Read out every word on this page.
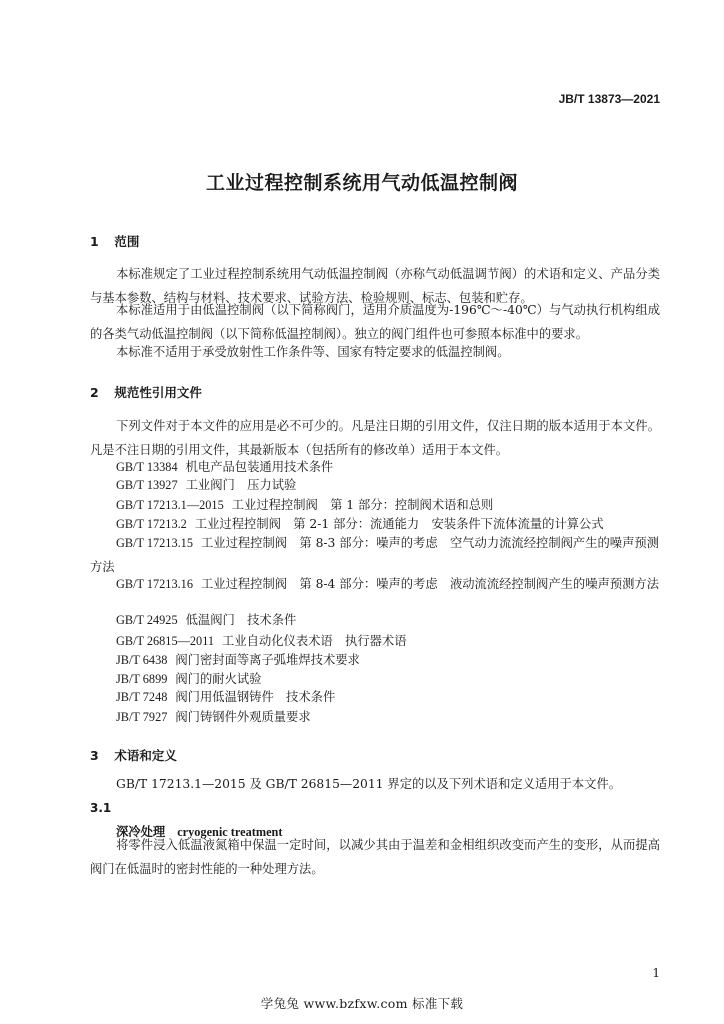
JB/T 13873—2021
工业过程控制系统用气动低温控制阀
1 范围
本标准规定了工业过程控制系统用气动低温控制阀（亦称气动低温调节阀）的术语和定义、产品分类与基本参数、结构与材料、技术要求、试验方法、检验规则、标志、包装和贮存。
本标准适用于由低温控制阀（以下简称阀门，适用介质温度为-196℃～-40℃）与气动执行机构组成的各类气动低温控制阀（以下简称低温控制阀）。独立的阀门组件也可参照本标准中的要求。
本标准不适用于承受放射性工作条件等、国家有特定要求的低温控制阀。
2 规范性引用文件
下列文件对于本文件的应用是必不可少的。凡是注日期的引用文件，仅注日期的版本适用于本文件。凡是不注日期的引用文件，其最新版本（包括所有的修改单）适用于本文件。
GB/T 13384 机电产品包装通用技术条件
GB/T 13927 工业阀门　压力试验
GB/T 17213.1—2015 工业过程控制阀　第 1 部分：控制阀术语和总则
GB/T 17213.2 工业过程控制阀　第 2-1 部分：流通能力　安装条件下流体流量的计算公式
GB/T 17213.15 工业过程控制阀　第 8-3 部分：噪声的考虑　空气动力流流经控制阀产生的噪声预测方法
GB/T 17213.16 工业过程控制阀　第 8-4 部分：噪声的考虑　液动流流经控制阀产生的噪声预测方法
GB/T 24925 低温阀门　技术条件
GB/T 26815—2011 工业自动化仪表术语　执行器术语
JB/T 6438 阀门密封面等离子弧堆焊技术要求
JB/T 6899 阀门的耐火试验
JB/T 7248 阀门用低温钢铸件　技术条件
JB/T 7927 阀门铸钢件外观质量要求
3 术语和定义
GB/T 17213.1—2015 及 GB/T 26815—2011 界定的以及下列术语和定义适用于本文件。
3.1
深冷处理 cryogenic treatment
将零件浸入低温液氮箱中保温一定时间，以减少其由于温差和金相组织改变而产生的变形，从而提高阀门在低温时的密封性能的一种处理方法。
1
学兔兔 www.bzfxw.com 标准下载
